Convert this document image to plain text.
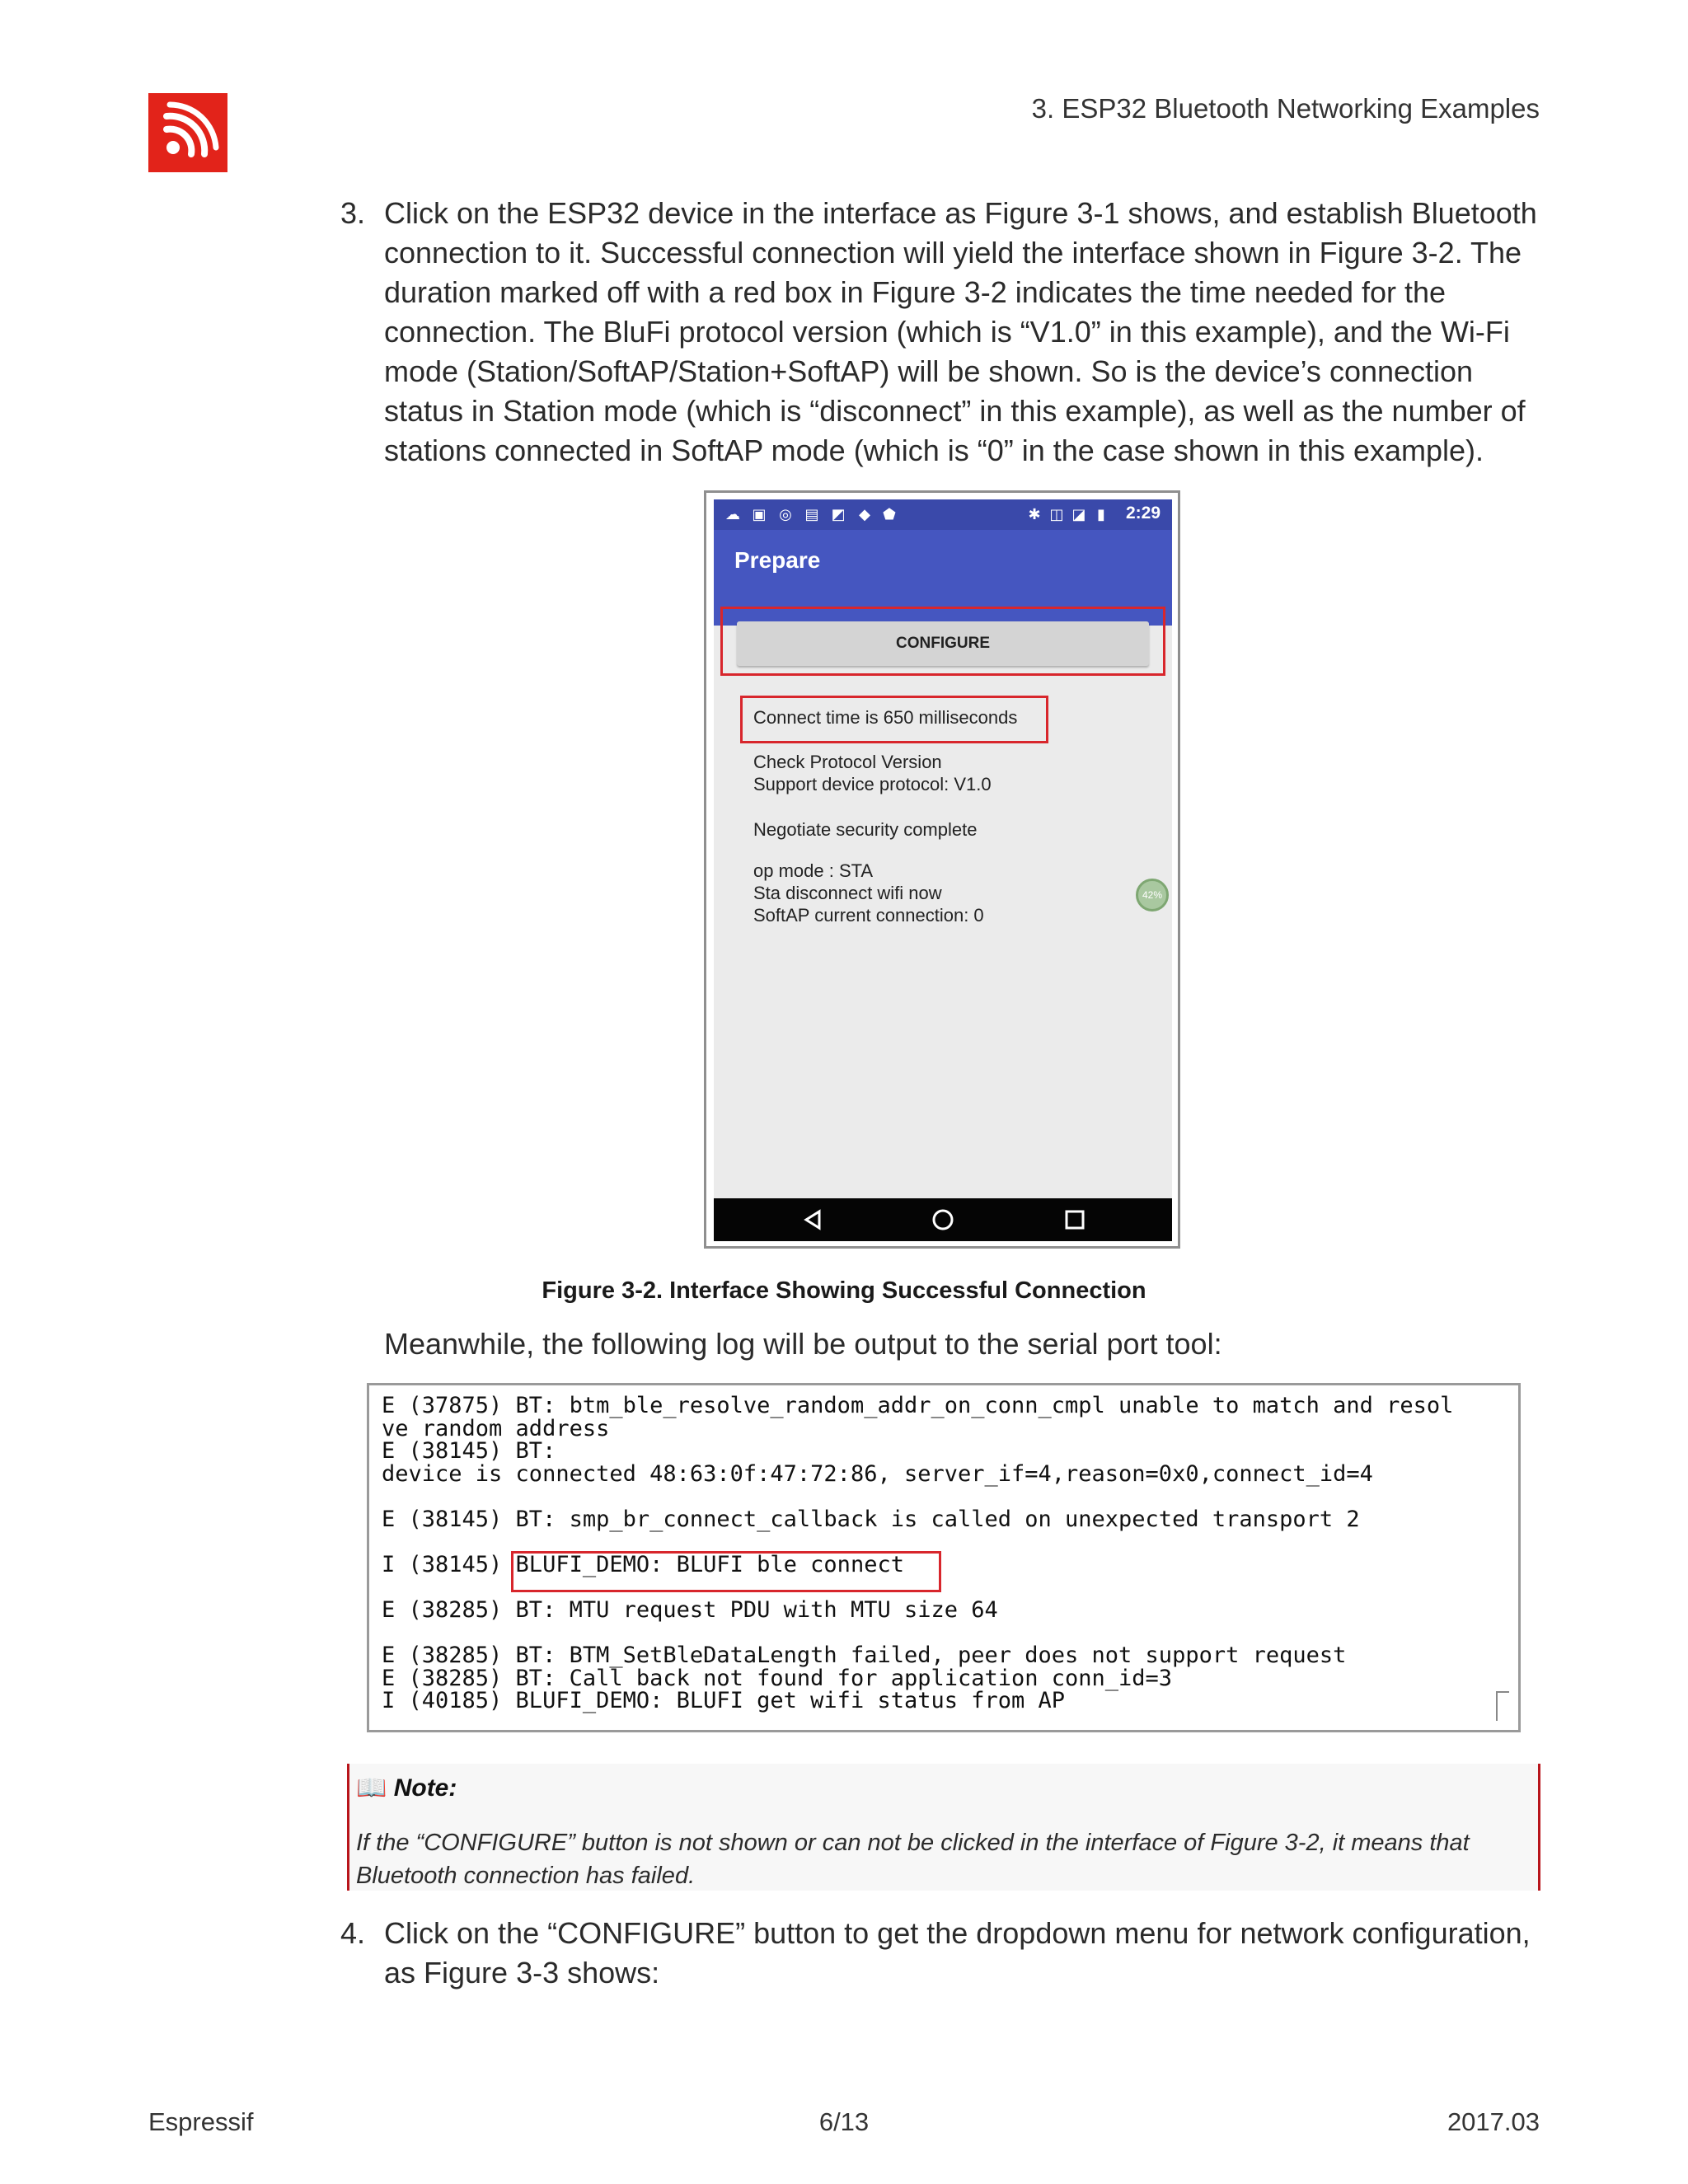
3. ESP32 Bluetooth Networking Examples
3. Click on the ESP32 device in the interface as Figure 3-1 shows, and establish Bluetooth
connection to it. Successful connection will yield the interface shown in Figure 3-2. The
duration marked off with a red box in Figure 3-2 indicates the time needed for the
connection. The BluFi protocol version (which is “V1.0” in this example), and the Wi-Fi
mode (Station/SoftAP/Station+SoftAP) will be shown. So is the device’s connection
status in Station mode (which is “disconnect” in this example), as well as the number of
stations connected in SoftAP mode (which is “0” in the case shown in this example).
☁ ▣ ◎ ▤ ◩ ◆ ⬟	✱ ◫ ◪ ▮ 2:29
Prepare
CONFIGURE
Connect time is 650 milliseconds
Check Protocol Version
Support device protocol: V1.0
Negotiate security complete
op mode : STA
Sta disconnect wifi now
SoftAP current connection: 0
42%
Figure 3-2. Interface Showing Successful Connection
Meanwhile, the following log will be output to the serial port tool:
E (37875) BT: btm_ble_resolve_random_addr_on_conn_cmpl unable to match and resol
ve random address
E (38145) BT:
device is connected 48:63:0f:47:72:86, server_if=4,reason=0x0,connect_id=4
E (38145) BT: smp_br_connect_callback is called on unexpected transport 2
I (38145) BLUFI_DEMO: BLUFI ble connect
E (38285) BT: MTU request PDU with MTU size 64
E (38285) BT: BTM_SetBleDataLength failed, peer does not support request
E (38285) BT: Call back not found for application conn_id=3
I (40185) BLUFI_DEMO: BLUFI get wifi status from AP
📖 Note:
If the “CONFIGURE” button is not shown or can not be clicked in the interface of Figure 3-2, it means that
Bluetooth connection has failed.
4. Click on the “CONFIGURE” button to get the dropdown menu for network configuration,
as Figure 3-3 shows:
Espressif	6/13	2017.03
